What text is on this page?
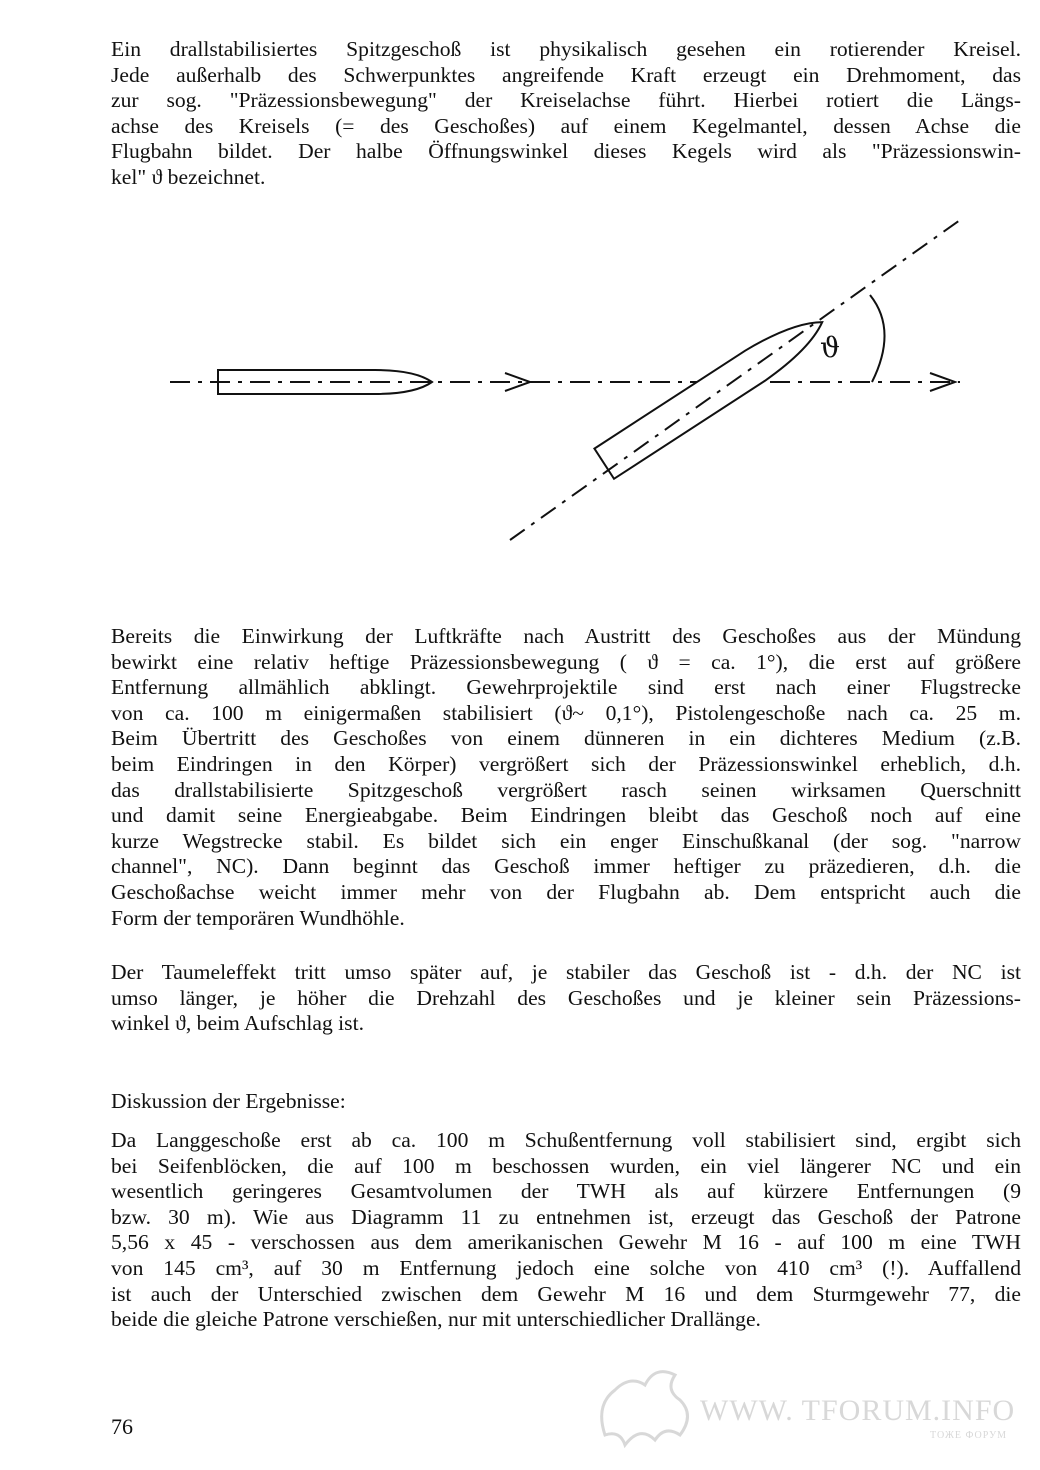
Ein drallstabilisiertes Spitzgeschoß ist physikalisch gesehen ein rotierender Kreisel.
Jede außerhalb des Schwerpunktes angreifende Kraft erzeugt ein Drehmoment, das
zur sog. "Präzessionsbewegung" der Kreiselachse führt. Hierbei rotiert die Längs-
achse des Kreisels (= des Geschoßes) auf einem Kegelmantel, dessen Achse die
Flugbahn bildet. Der halbe Öffnungswinkel dieses Kegels wird als "Präzessionswin-
kel" ϑ bezeichnet.
ϑ
Bereits die Einwirkung der Luftkräfte nach Austritt des Geschoßes aus der Mündung
bewirkt eine relativ heftige Präzessionsbewegung ( ϑ = ca. 1°), die erst auf größere
Entfernung allmählich abklingt. Gewehrprojektile sind erst nach einer Flugstrecke
von ca. 100 m einigermaßen stabilisiert (ϑ~ 0,1°), Pistolengeschoße nach ca. 25 m.
Beim Übertritt des Geschoßes von einem dünneren in ein dichteres Medium (z.B.
beim Eindringen in den Körper) vergrößert sich der Präzessionswinkel erheblich, d.h.
das drallstabilisierte Spitzgeschoß vergrößert rasch seinen wirksamen Querschnitt
und damit seine Energieabgabe. Beim Eindringen bleibt das Geschoß noch auf eine
kurze Wegstrecke stabil. Es bildet sich ein enger Einschußkanal (der sog. "narrow
channel", NC). Dann beginnt das Geschoß immer heftiger zu präzedieren, d.h. die
Geschoßachse weicht immer mehr von der Flugbahn ab. Dem entspricht auch die
Form der temporären Wundhöhle.
Der Taumeleffekt tritt umso später auf, je stabiler das Geschoß ist - d.h. der NC ist
umso länger, je höher die Drehzahl des Geschoßes und je kleiner sein Präzessions-
winkel ϑ, beim Aufschlag ist.

Diskussion der Ergebnisse:

Da Langgeschoße erst ab ca. 100 m Schußentfernung voll stabilisiert sind, ergibt sich
bei Seifenblöcken, die auf 100 m beschossen wurden, ein viel längerer NC und ein
wesentlich geringeres Gesamtvolumen der TWH als auf kürzere Entfernungen (9
bzw. 30 m). Wie aus Diagramm 11 zu entnehmen ist, erzeugt das Geschoß der Patrone
5,56 x 45 - verschossen aus dem amerikanischen Gewehr M 16 - auf 100 m eine TWH
von 145 cm³, auf 30 m Entfernung jedoch eine solche von 410 cm³ (!). Auffallend
ist auch der Unterschied zwischen dem Gewehr M 16 und dem Sturmgewehr 77, die
beide die gleiche Patrone verschießen, nur mit unterschiedlicher Drallänge.
76	WWW. TFORUM.INFO
ТОЖЕ ФОРУМ
